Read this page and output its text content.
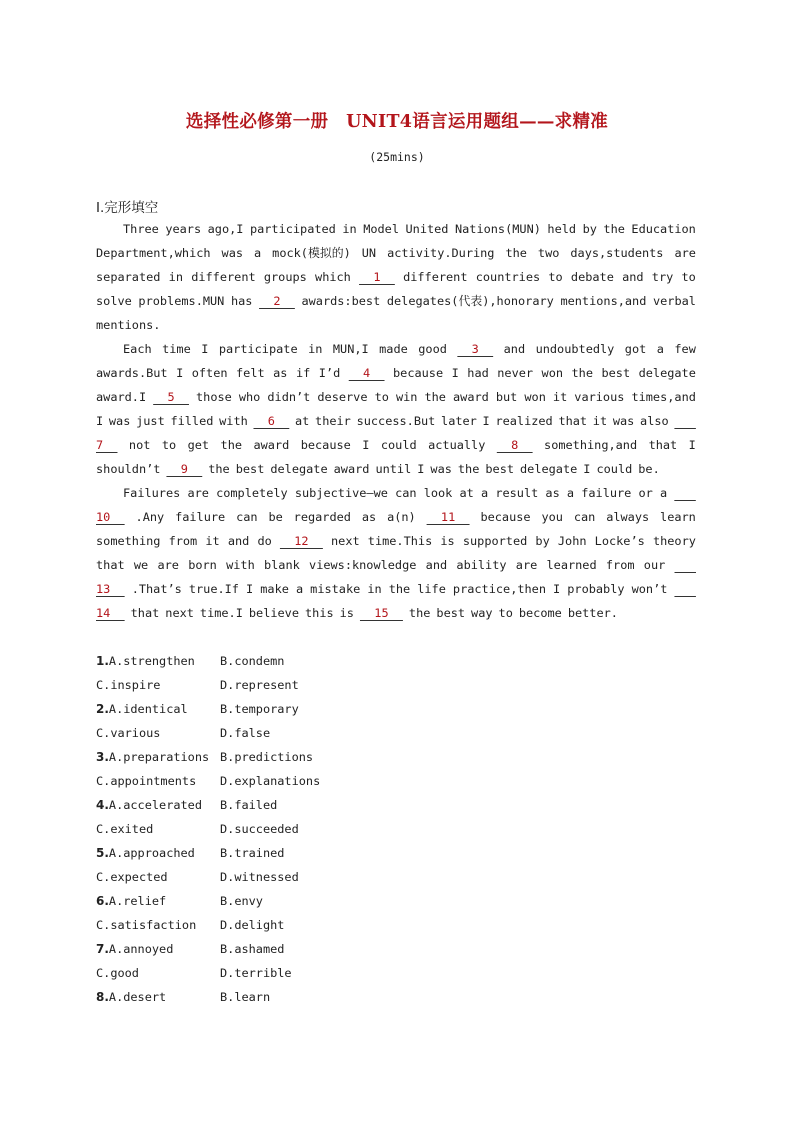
选择性必修第一册　UNIT4语言运用题组——求精准
(25mins)
Ⅰ.完形填空
Three years ago,I participated in Model United Nations(MUN) held by the Education
Department,which was a mock(模拟的) UN activity.During the two days,students are
separated in different groups which 1 different countries to debate and try to
solve problems.MUN has 2 awards:best delegates(代表),honorary mentions,and verbal
mentions.
Each time I participate in MUN,I made good 3 and undoubtedly got a few
awards.But I often felt as if I’d 4 because I had never won the best delegate
award.I 5 those who didn’t deserve to win the award but won it various times,and
I was just filled with 6 at their success.But later I realized that it was also

7 not to get the award because I could actually 8 something,and that I
shouldn’t 9 the best delegate award until I was the best delegate I could be.
Failures are completely subjective—we can look at a result as a failure or a

10 .Any failure can be regarded as a(n) 11 because you can always learn
something from it and do 12 next time.This is supported by John Locke’s theory
that we are born with blank views:knowledge and ability are learned from our

13 .That’s true.If I make a mistake in the life practice,then I probably won’t

14 that next time.I believe this is 15 the best way to become better.
1.A.strengthen B.condemn
C.inspire	D.represent
2.A.identical	B.temporary
C.various	D.false
3.A.preparations B.predictions
C.appointments D.explanations
4.A.accelerated B.failed
C.exited	D.succeeded
5.A.approached B.trained
C.expected	D.witnessed
6.A.relief	B.envy
C.satisfaction D.delight
7.A.annoyed	B.ashamed
C.good	D.terrible
8.A.desert	B.learn
